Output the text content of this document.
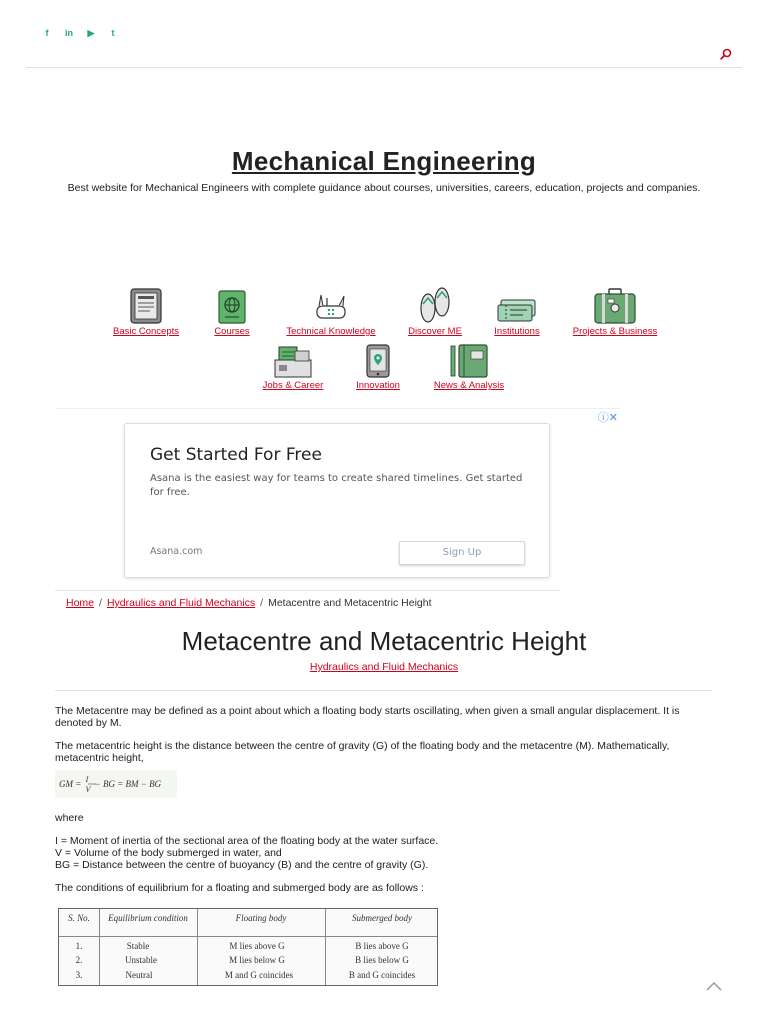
f	in ▶	t
Mechanical Engineering
Best website for Mechanical Engineers with complete guidance about courses, universities, careers, education, projects and companies.
Basic Concepts	Courses	Technical Knowledge	Discover ME	Institutions	Projects & Business
Jobs & Career	Innovation	News & Analysis
ⓘ✕
Get Started For Free
Asana is the easiest way for teams to create shared timelines. Get started for free.
Asana.com	Sign Up
Home / Hydraulics and Fluid Mechanics / Metacentre and Metacentric Height
Metacentre and Metacentric Height
Hydraulics and Fluid Mechanics

The Metacentre may be defined as a point about which a floating body starts oscillating, when given a small angular displacement. It is denoted by M.

The metacentric height is the distance between the centre of gravity (G) of the floating body and the metacentre (M). Mathematically, metacentric height,

GM = I V − BG = BM − BG

where

I = Moment of inertia of the sectional area of the floating body at the water surface.
V = Volume of the body submerged in water, and
BG = Distance between the centre of buoyancy (B) and the centre of gravity (G).

The conditions of equilibrium for a floating and submerged body are as follows :

S. No.	Equilibrium condition	Floating body	Submerged body
1.	Stable	M lies above G	B lies above G
2.	Unstable	M lies below G	B lies below G
3.	Neutral	M and G coincides	B and G coincides
